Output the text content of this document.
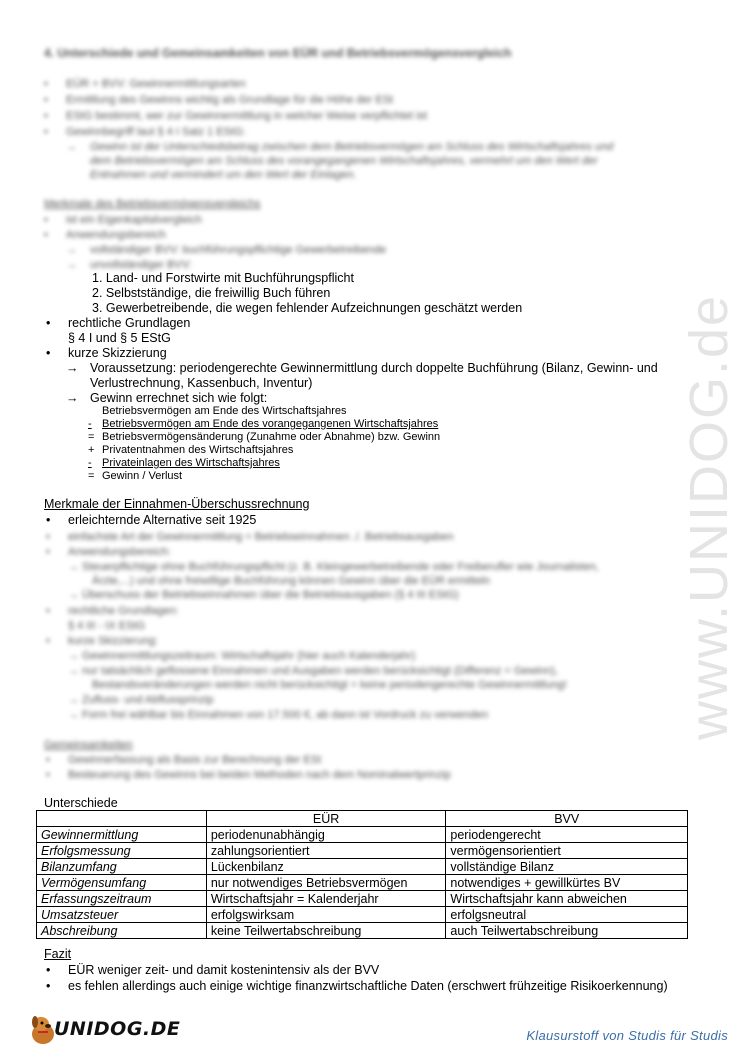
www.UNIDOG.de
4. Unterschiede und Gemeinsamkeiten von EÜR und Betriebsvermögensvergleich
• EÜR + BVV: Gewinnermittlungsarten
• Ermittlung des Gewinns wichtig als Grundlage für die Höhe der ESt
• EStG bestimmt, wer zur Gewinnermittlung in welcher Weise verpflichtet ist
• Gewinnbegriff laut § 4 I Satz 1 EStG:
→ Gewinn ist der Unterschiedsbetrag zwischen dem Betriebsvermögen am Schluss des Wirtschaftsjahres und
dem Betriebsvermögen am Schluss des vorangegangenen Wirtschaftsjahres, vermehrt um den Wert der
Entnahmen und vermindert um den Wert der Einlagen.
Merkmale des Betriebsvermögensvergleichs
• ist ein Eigenkapitalvergleich
• Anwendungsbereich
→ vollständiger BVV: buchführungspflichtige Gewerbetreibende
→ unvollständiger BVV:
1. Land- und Forstwirte mit Buchführungspflicht
2. Selbstständige, die freiwillig Buch führen
3. Gewerbetreibende, die wegen fehlender Aufzeichnungen geschätzt werden
• rechtliche Grundlagen
§ 4 I und § 5 EStG
• kurze Skizzierung
→ Voraussetzung: periodengerechte Gewinnermittlung durch doppelte Buchführung (Bilanz, Gewinn- und
Verlustrechnung, Kassenbuch, Inventur)
→ Gewinn errechnet sich wie folgt:
Betriebsvermögen am Ende des Wirtschaftsjahres
- Betriebsvermögen am Ende des vorangegangenen Wirtschaftsjahres
= Betriebsvermögensänderung (Zunahme oder Abnahme) bzw. Gewinn
+ Privatentnahmen des Wirtschaftsjahres
- Privateinlagen des Wirtschaftsjahres
= Gewinn / Verlust
Merkmale der Einnahmen-Überschussrechnung
• erleichternde Alternative seit 1925
• einfachste Art der Gewinnermittlung = Betriebseinnahmen ./. Betriebsausgaben
• Anwendungsbereich:
→ Steuerpflichtige ohne Buchführungspflicht (z. B. Kleingewerbetreibende oder Freiberufler wie Journalisten,
Ärzte,...) und ohne freiwillige Buchführung können Gewinn über die EÜR ermitteln
→ Überschuss der Betriebseinnahmen über die Betriebsausgaben (§ 4 III EStG)
• rechtliche Grundlagen:
§ 4 III - IX EStG
• kurze Skizzierung:
→ Gewinnermittlungszeitraum: Wirtschaftsjahr (hier auch Kalenderjahr)
→ nur tatsächlich geflossene Einnahmen und Ausgaben werden berücksichtigt (Differenz = Gewinn),
Bestandsveränderungen werden nicht berücksichtigt = keine periodengerechte Gewinnermittlung!
→ Zufluss- und Abflussprinzip
→ Form frei wählbar bis Einnahmen von 17.500 €, ab dann ist Vordruck zu verwenden
Gemeinsamkeiten
• Gewinnerfassung als Basis zur Berechnung der ESt
• Besteuerung des Gewinns bei beiden Methoden nach dem Nominalwertprinzip
Unterschiede
	EÜR	BVV
Gewinnermittlung	periodenunabhängig	periodengerecht
Erfolgsmessung	zahlungsorientiert	vermögensorientiert
Bilanzumfang	Lückenbilanz	vollständige Bilanz
Vermögensumfang	nur notwendiges Betriebsvermögen	notwendiges + gewillkürtes BV
Erfassungszeitraum	Wirtschaftsjahr = Kalenderjahr	Wirtschaftsjahr kann abweichen
Umsatzsteuer	erfolgswirksam	erfolgsneutral
Abschreibung	keine Teilwertabschreibung	auch Teilwertabschreibung
Fazit
• EÜR weniger zeit- und damit kostenintensiv als der BVV
• es fehlen allerdings auch einige wichtige finanzwirtschaftliche Daten (erschwert frühzeitige Risikoerkennung)
UNIDOG.DE	Klausurstoff von Studis für Studis
